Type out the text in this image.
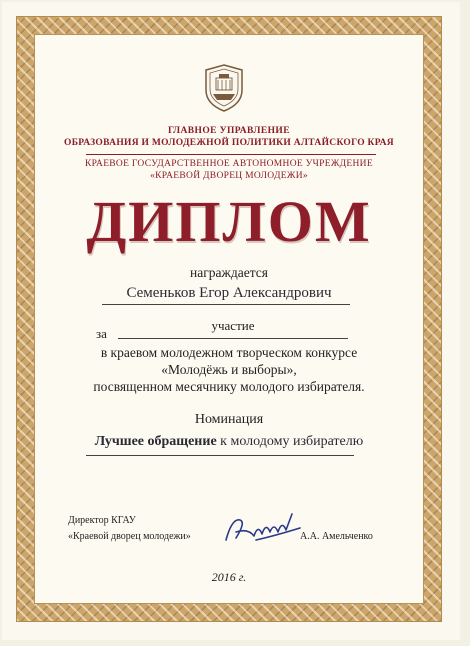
ГЛАВНОЕ УПРАВЛЕНИЕ
ОБРАЗОВАНИЯ И МОЛОДЕЖНОЙ ПОЛИТИКИ АЛТАЙСКОГО КРАЯ
КРАЕВОЕ ГОСУДАРСТВЕННОЕ АВТОНОМНОЕ УЧРЕЖДЕНИЕ
«КРАЕВОЙ ДВОРЕЦ МОЛОДЕЖИ»
ДИПЛОМ
награждается
Семеньков Егор Александрович
за
участие
в краевом молодежном творческом конкурсе
«Молодёжь и выборы»,
посвященном месячнику молодого избирателя.
Номинация
Лучшее обращение к молодому избирателю
Директор КГАУ
«Краевой дворец молодежи»	А.А. Амельченко
2016 г.
